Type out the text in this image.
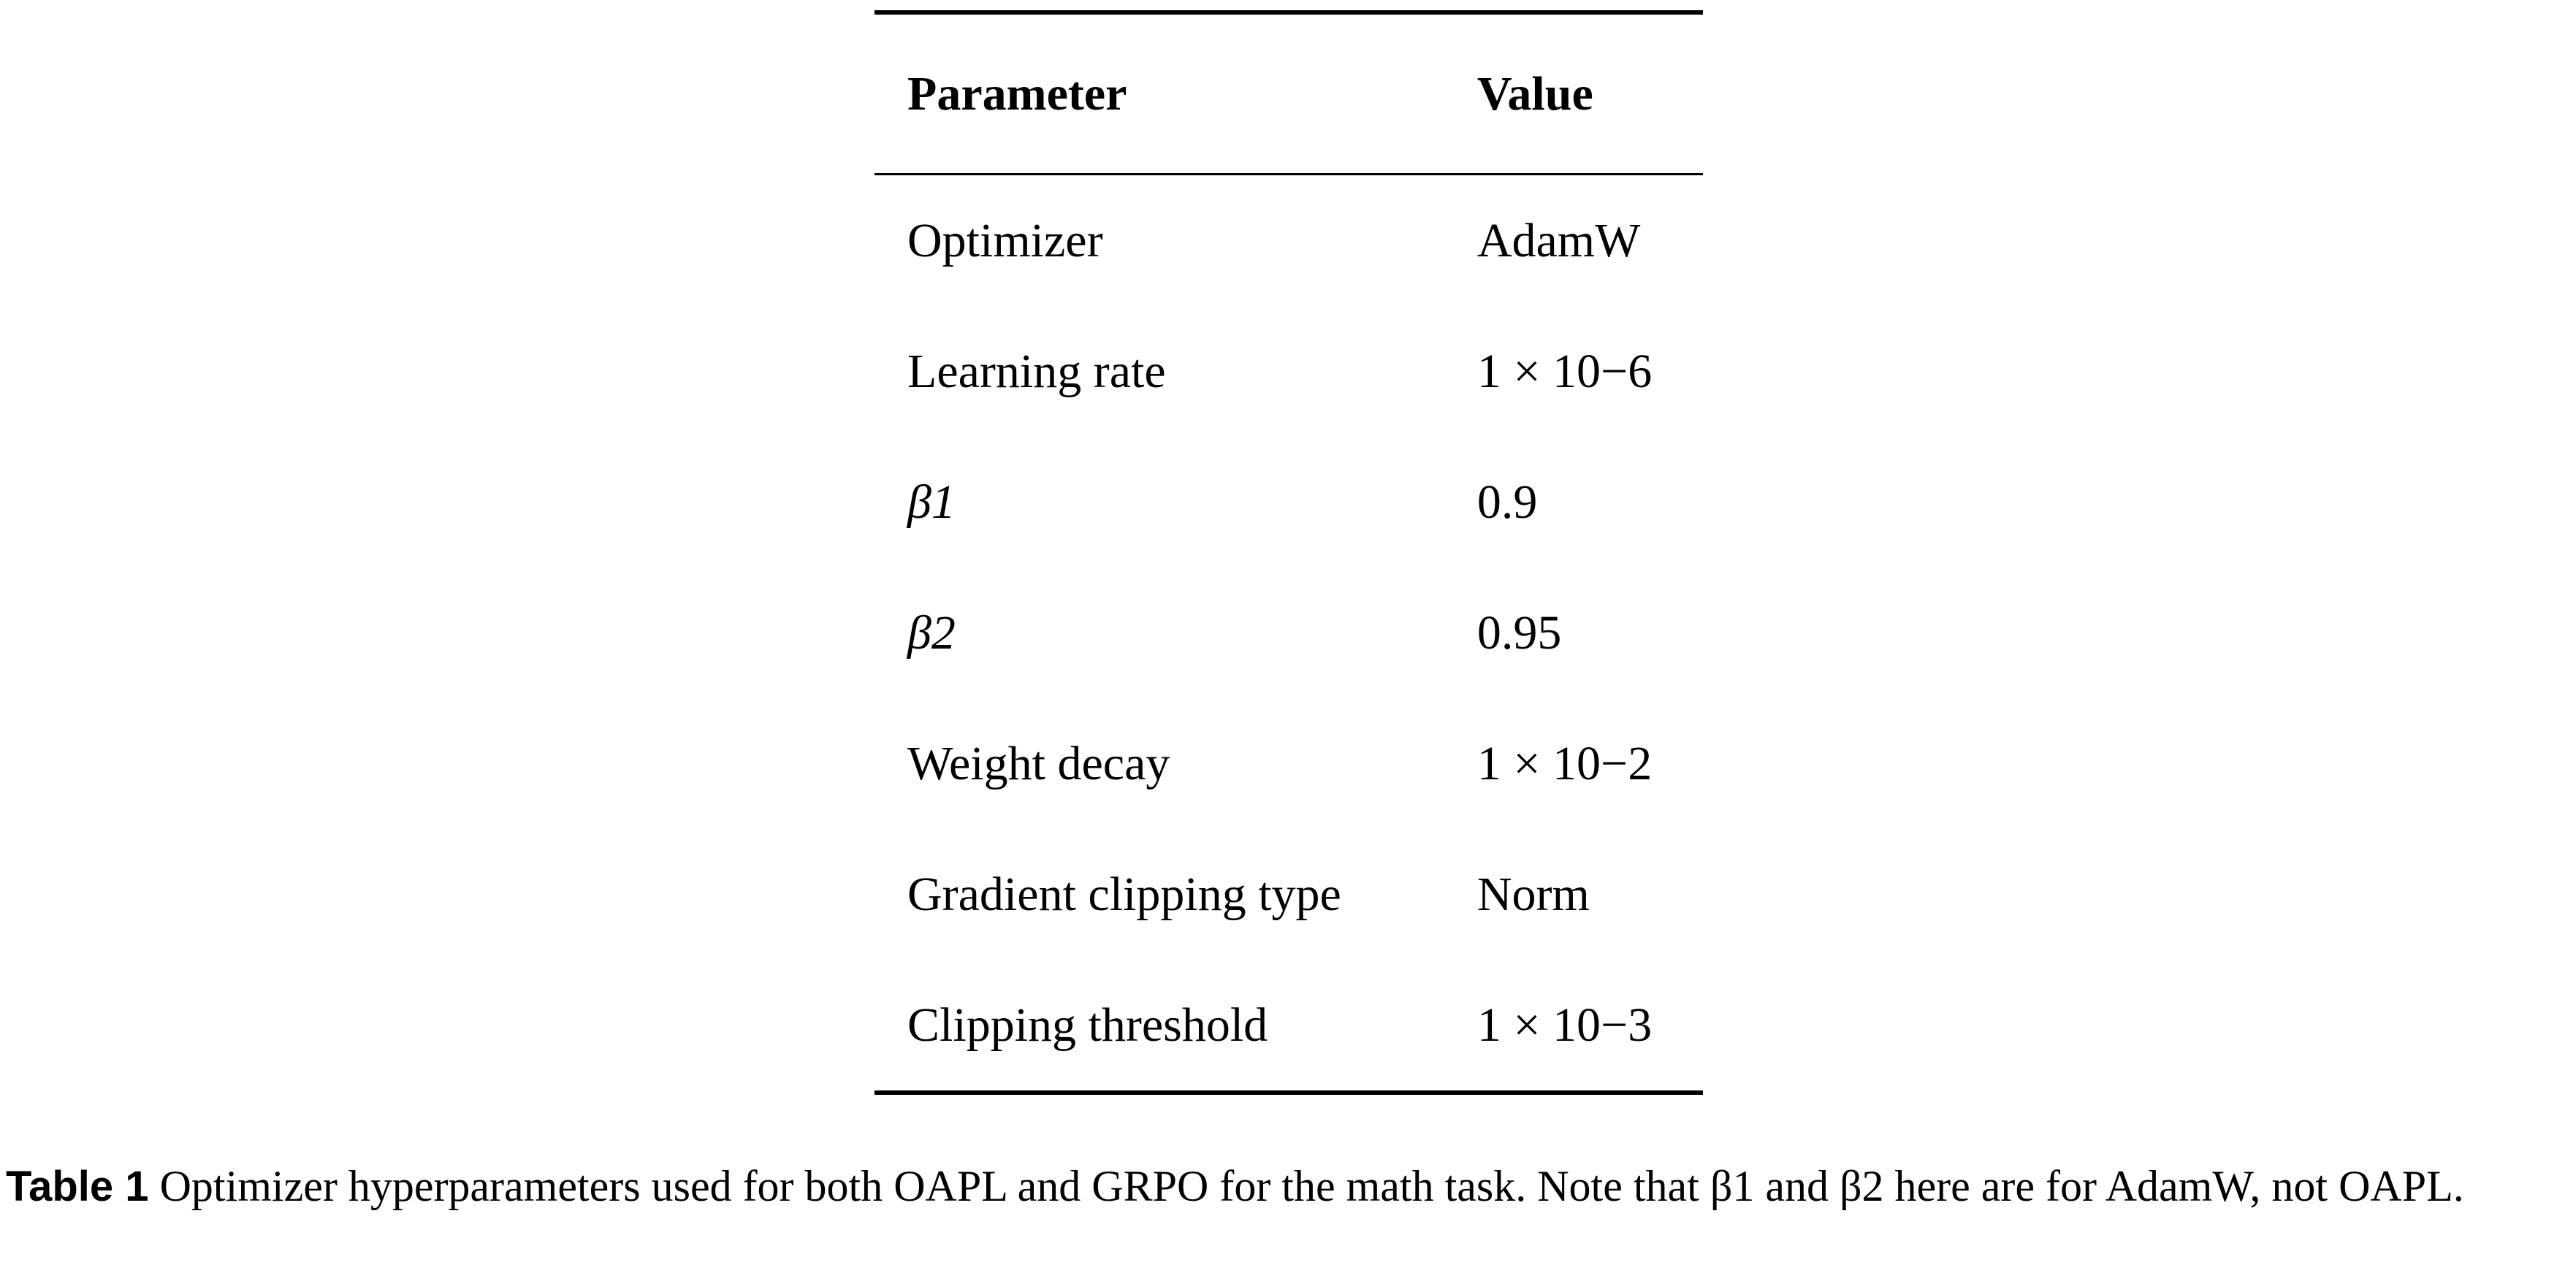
Parameter	Value
Optimizer	AdamW
Learning rate	1 × 10−6
β1	0.9
β2	0.95
Weight decay	1 × 10−2
Gradient clipping type	Norm
Clipping threshold	1 × 10−3
Table 1 Optimizer hyperparameters used for both OAPL and GRPO for the math task. Note that β1 and β2 here are for AdamW, not OAPL.
